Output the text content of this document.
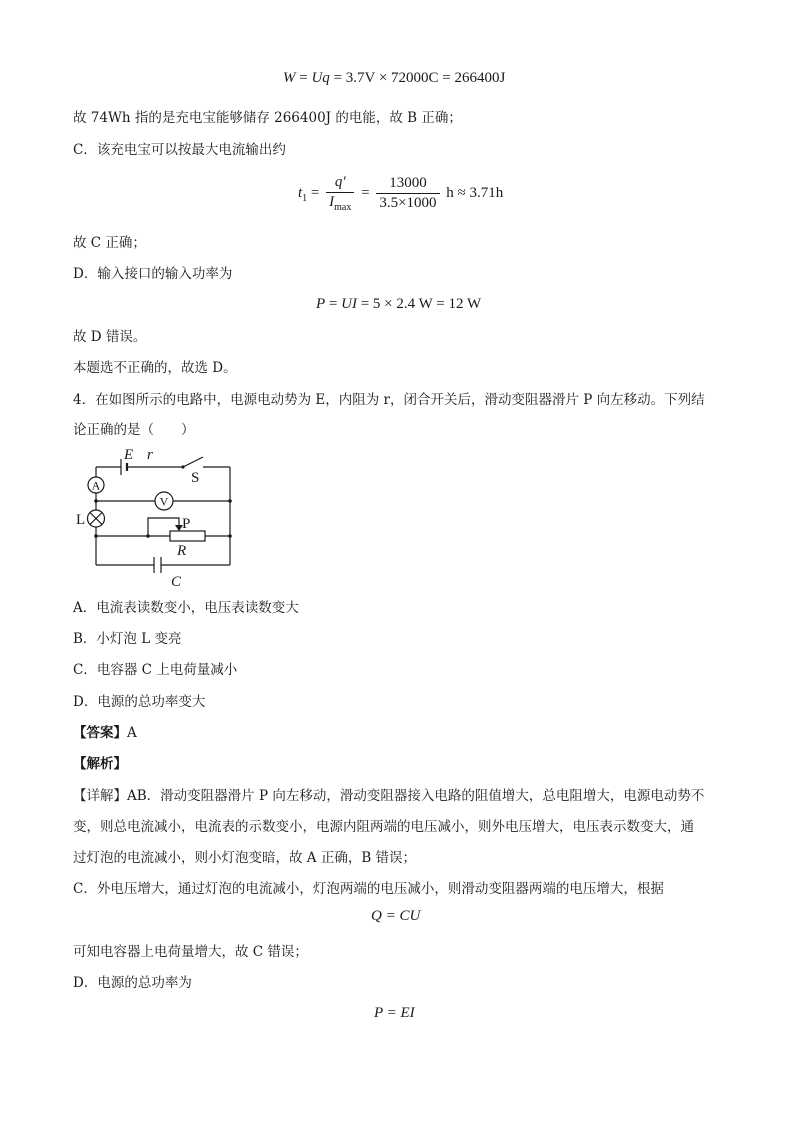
W = Uq = 3.7V × 72000C = 266400J
故 74Wh 指的是充电宝能够储存 266400J 的电能，故 B 正确；
C．该充电宝可以按最大电流输出约
$t_1 = \frac{q'}{I_{max}} = \frac{13000}{3.5\times 1000}$ h ≈ 3.71h
故 C 正确；
D．输入接口的输入功率为
P = UI = 5 × 2.4 W = 12 W
故 D 错误。
本题选不正确的，故选 D。
4．在如图所示的电路中，电源电动势为 E，内阻为 r，闭合开关后，滑动变阻器滑片 P 向左移动。下列结
论正确的是（　　）
E r
S
A
V
L	P
R
C
A．电流表读数变小，电压表读数变大
B．小灯泡 L 变亮
C．电容器 C 上电荷量减小
D．电源的总功率变大
【答案】A
【解析】
【详解】AB．滑动变阻器滑片 P 向左移动，滑动变阻器接入电路的阻值增大，总电阻增大，电源电动势不
变，则总电流减小，电流表的示数变小，电源内阻两端的电压减小，则外电压增大，电压表示数变大，通
过灯泡的电流减小，则小灯泡变暗，故 A 正确，B 错误；
C．外电压增大，通过灯泡的电流减小，灯泡两端的电压减小，则滑动变阻器两端的电压增大，根据
Q = CU
可知电容器上电荷量增大，故 C 错误；
D．电源的总功率为
P = EI
